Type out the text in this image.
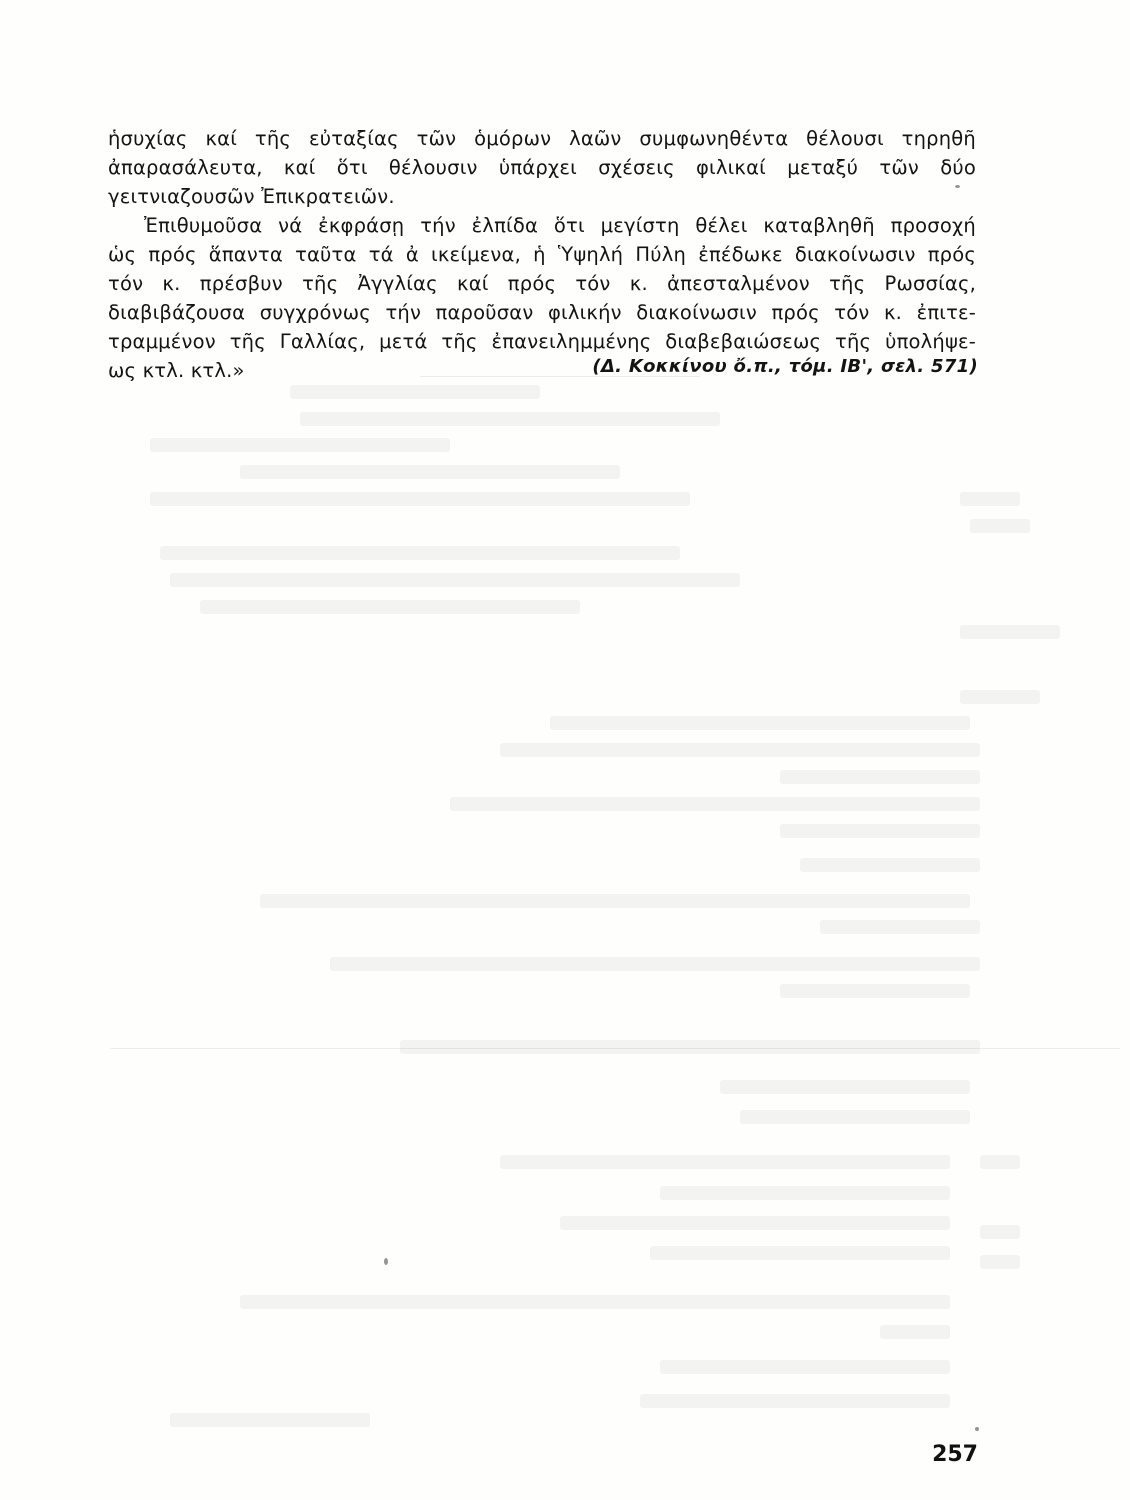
ἡσυχίας καί τῆς εὐταξίας τῶν ὁμόρων λαῶν συμφωνηθέντα θέλουσι τηρηθῆ
ἀπαρασάλευτα, καί ὅτι θέλουσιν ὑπάρχει σχέσεις φιλικαί μεταξύ τῶν δύο
γειτνιαζουσῶν Ἐπικρατειῶν.
Ἐπιθυμοῦσα νά ἐκφράσῃ τήν ἐλπίδα ὅτι μεγίστη θέλει καταβληθῆ προσοχή
ὡς πρός ἅπαντα ταῦτα τά ἀ ικείμενα, ἡ Ὑψηλή Πύλη ἐπέδωκε διακοίνωσιν πρός
τόν κ. πρέσβυν τῆς Ἀγγλίας καί πρός τόν κ. ἀπεσταλμένον τῆς Ρωσσίας,
διαβιβάζουσα συγχρόνως τήν παροῦσαν φιλικήν διακοίνωσιν πρός τόν κ. ἐπιτε-
τραμμένον τῆς Γαλλίας, μετά τῆς ἐπανειλημμένης διαβεβαιώσεως τῆς ὑπολήψε-
ως κτλ. κτλ.»	(Δ. Κοκκίνου ὄ.π., τόμ. ΙΒ', σελ. 571)
257
